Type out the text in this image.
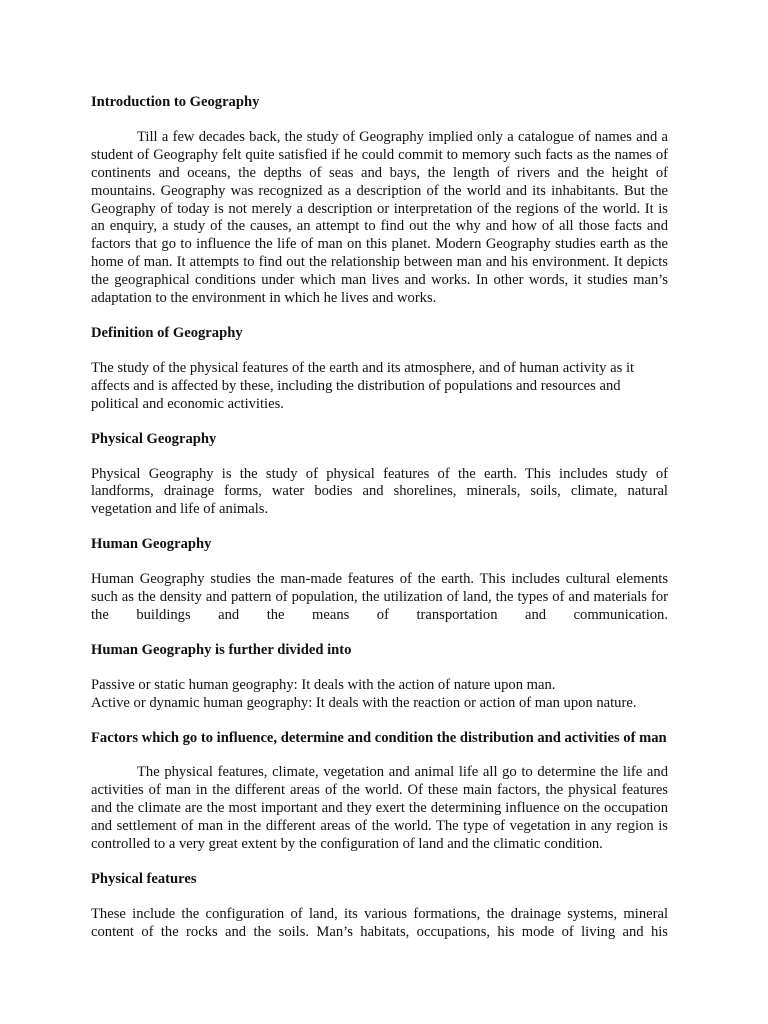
Introduction to Geography

Till a few decades back, the study of Geography implied only a catalogue of names and a student of Geography felt quite satisfied if he could commit to memory such facts as the names of continents and oceans, the depths of seas and bays, the length of rivers and the height of mountains. Geography was recognized as a description of the world and its inhabitants. But the Geography of today is not merely a description or interpretation of the regions of the world. It is an enquiry, a study of the causes, an attempt to find out the why and how of all those facts and factors that go to influence the life of man on this planet. Modern Geography studies earth as the home of man. It attempts to find out the relationship between man and his environment. It depicts the geographical conditions under which man lives and works. In other words, it studies man’s adaptation to the environment in which he lives and works.

Definition of Geography

The study of the physical features of the earth and its atmosphere, and of human activity as it affects and is affected by these, including the distribution of populations and resources and political and economic activities.

Physical Geography

Physical Geography is the study of physical features of the earth. This includes study of landforms, drainage forms, water bodies and shorelines, minerals, soils, climate, natural vegetation and life of animals.

Human Geography

Human Geography studies the man-made features of the earth. This includes cultural elements such as the density and pattern of population, the utilization of land, the types of and materials for the buildings and the means of transportation and communication.

Human Geography is further divided into

Passive or static human geography: It deals with the action of nature upon man.

Active or dynamic human geography: It deals with the reaction or action of man upon nature.

Factors which go to influence, determine and condition the distribution and activities of man

The physical features, climate, vegetation and animal life all go to determine the life and activities of man in the different areas of the world. Of these main factors, the physical features and the climate are the most important and they exert the determining influence on the occupation and settlement of man in the different areas of the world. The type of vegetation in any region is controlled to a very great extent by the configuration of land and the climatic condition.

Physical features

These include the configuration of land, its various formations, the drainage systems, mineral content of the rocks and the soils. Man’s habitats, occupations, his mode of living and his
